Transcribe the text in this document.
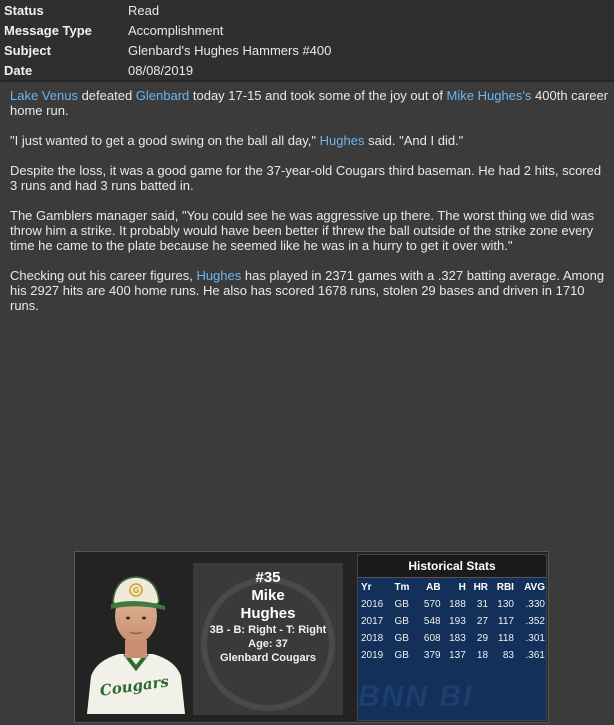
Status	Read
Message Type	Accomplishment
Subject	Glenbard's Hughes Hammers #400
Date	08/08/2019

Lake Venus defeated Glenbard today 17-15 and took some of the joy out of Mike Hughes's 400th career home run.

"I just wanted to get a good swing on the ball all day," Hughes said. "And I did."

Despite the loss, it was a good game for the 37-year-old Cougars third baseman. He had 2 hits, scored 3 runs and had 3 runs batted in.

The Gamblers manager said, "You could see he was aggressive up there. The worst thing we did was throw him a strike. It probably would have been better if threw the ball outside of the strike zone every time he came to the plate because he seemed like he was in a hurry to get it over with."

Checking out his career figures, Hughes has played in 2371 games with a .327 batting average. Among his 2927 hits are 400 home runs. He also has scored 1678 runs, stolen 29 bases and driven in 1710 runs.

Cougars
G
#35
Mike
Hughes
3B - B: Right - T: Right
Age: 37
Glenbard Cougars
Historical Stats
BNN BI
Yr	Tm	AB	H	HR	RBI	AVG
2016	GB	570	188	31	130	.330
2017	GB	548	193	27	117	.352
2018	GB	608	183	29	118	.301
2019	GB	379	137	18	83	.361
